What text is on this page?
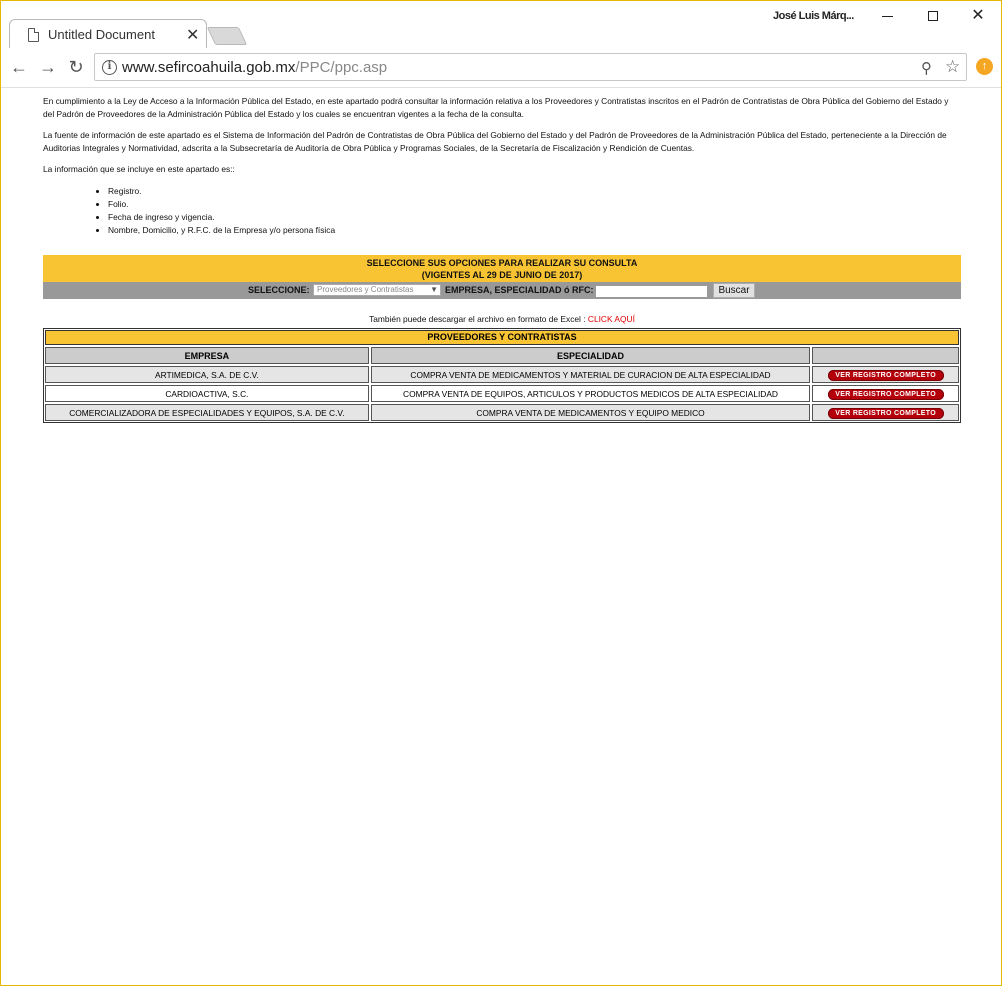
Untitled Document ✕
José Luis Márq...	✕
← → ↻	i www.sefircoahuila.gob.mx/PPC/ppc.asp	⚲ ☆	↑

En cumplimiento a la Ley de Acceso a la Información Pública del Estado, en este apartado podrá consultar la información relativa a los Proveedores y Contratistas inscritos en el Padrón de Contratistas de Obra Pública del Gobierno del Estado y del Padrón de Proveedores de la Administración Pública del Estado y los cuales se encuentran vigentes a la fecha de la consulta.

La fuente de información de este apartado es el Sistema de Información del Padrón de Contratistas de Obra Pública del Gobierno del Estado y del Padrón de Proveedores de la Administración Pública del Estado, perteneciente a la Dirección de Auditorias Integrales y Normatividad, adscrita a la Subsecretaría de Auditoría de Obra Pública y Programas Sociales, de la Secretaría de Fiscalización y Rendición de Cuentas.

La información que se incluye en este apartado es::

• Registro.
• Folio.
• Fecha de ingreso y vigencia.
• Nombre, Domicilio, y R.F.C. de la Empresa y/o persona física
SELECCIONE SUS OPCIONES PARA REALIZAR SU CONSULTA
(VIGENTES AL 29 DE JUNIO DE 2017)
SELECCIONE: Proveedores y Contratistas ▼ EMPRESA, ESPECIALIDAD ó RFC:	Buscar
También puede descargar el archivo en formato de Excel : CLICK AQUÍ
PROVEEDORES Y CONTRATISTAS
EMPRESA	ESPECIALIDAD	
ARTIMEDICA, S.A. DE C.V.	COMPRA VENTA DE MEDICAMENTOS Y MATERIAL DE CURACION DE ALTA ESPECIALIDAD	VER REGISTRO COMPLETO
CARDIOACTIVA, S.C.	COMPRA VENTA DE EQUIPOS, ARTICULOS Y PRODUCTOS MEDICOS DE ALTA ESPECIALIDAD	VER REGISTRO COMPLETO
COMERCIALIZADORA DE ESPECIALIDADES Y EQUIPOS, S.A. DE C.V.	COMPRA VENTA DE MEDICAMENTOS Y EQUIPO MEDICO	VER REGISTRO COMPLETO
